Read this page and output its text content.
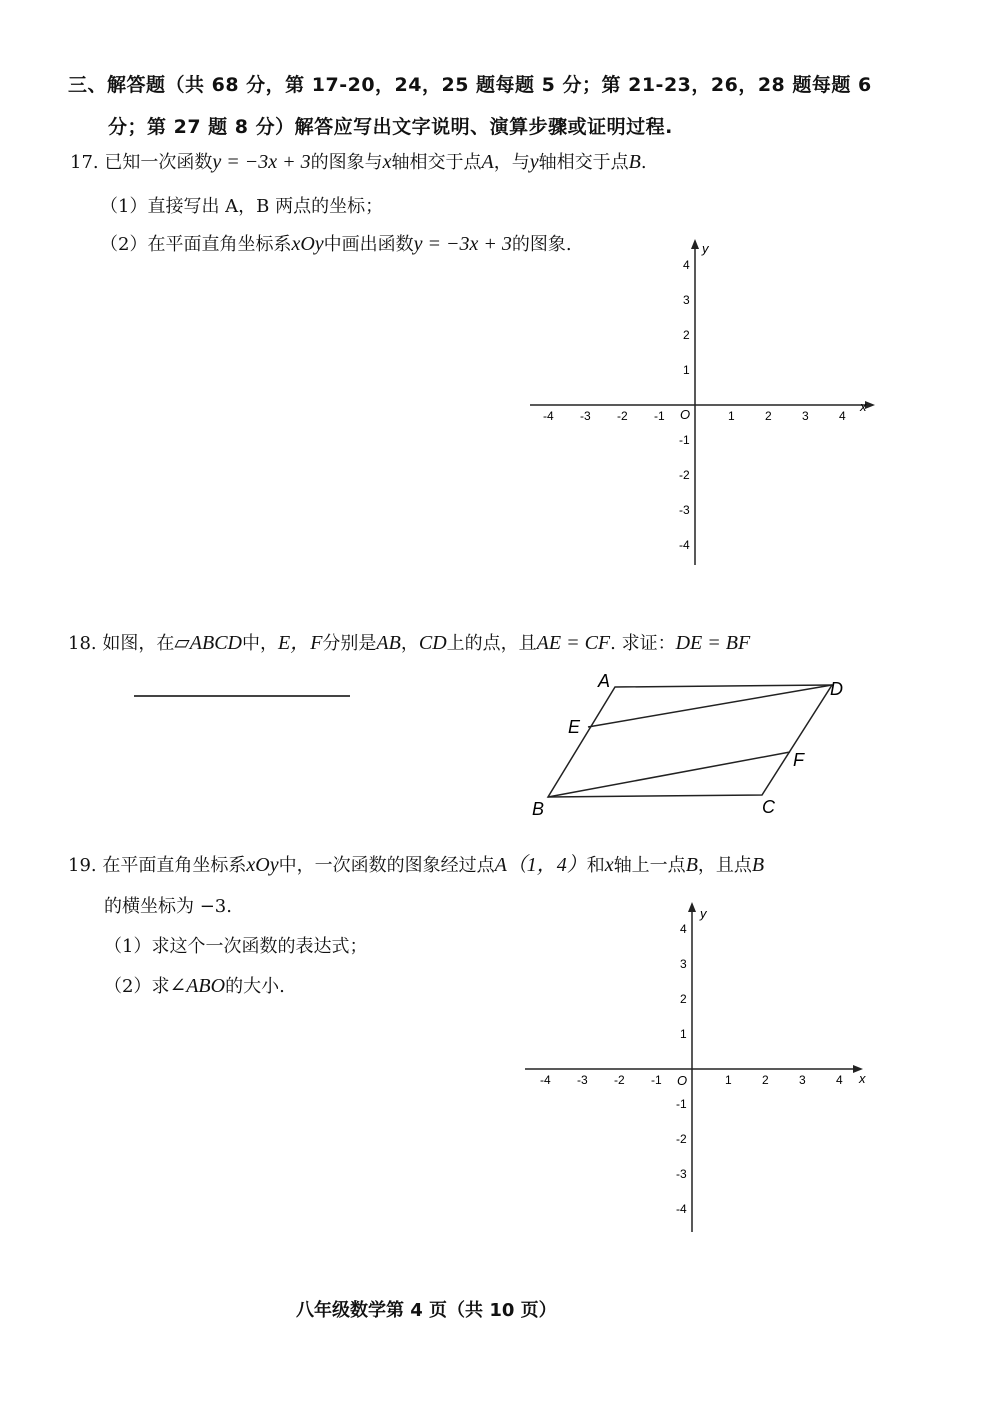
三、解答题（共 68 分，第 17-20，24，25 题每题 5 分；第 21-23，26，28 题每题 6
分；第 27 题 8 分）解答应写出文字说明、演算步骤或证明过程.
17. 已知一次函数y = −3x + 3的图象与x轴相交于点A，与y轴相交于点B.
（1）直接写出 A，B 两点的坐标；
（2）在平面直角坐标系xOy中画出函数y = −3x + 3的图象.
x
y
O
-4 -3 -2 -1	1	2	3	4
4
3
2
1
-1
-2
-3
-4
18. 如图，在▱ABCD中，E，F分别是AB，CD上的点，且AE = CF. 求证：DE = BF
A	D
E
F
B	C
19. 在平面直角坐标系xOy中，一次函数的图象经过点A（1，4）和x轴上一点B，且点B
的横坐标为 −3.
（1）求这个一次函数的表达式；
（2）求∠ABO的大小.
x
y
O
-4 -3 -2 -1	1	2	3	4
4
3
2
1
-1
-2
-3
-4
八年级数学第 4 页（共 10 页）
